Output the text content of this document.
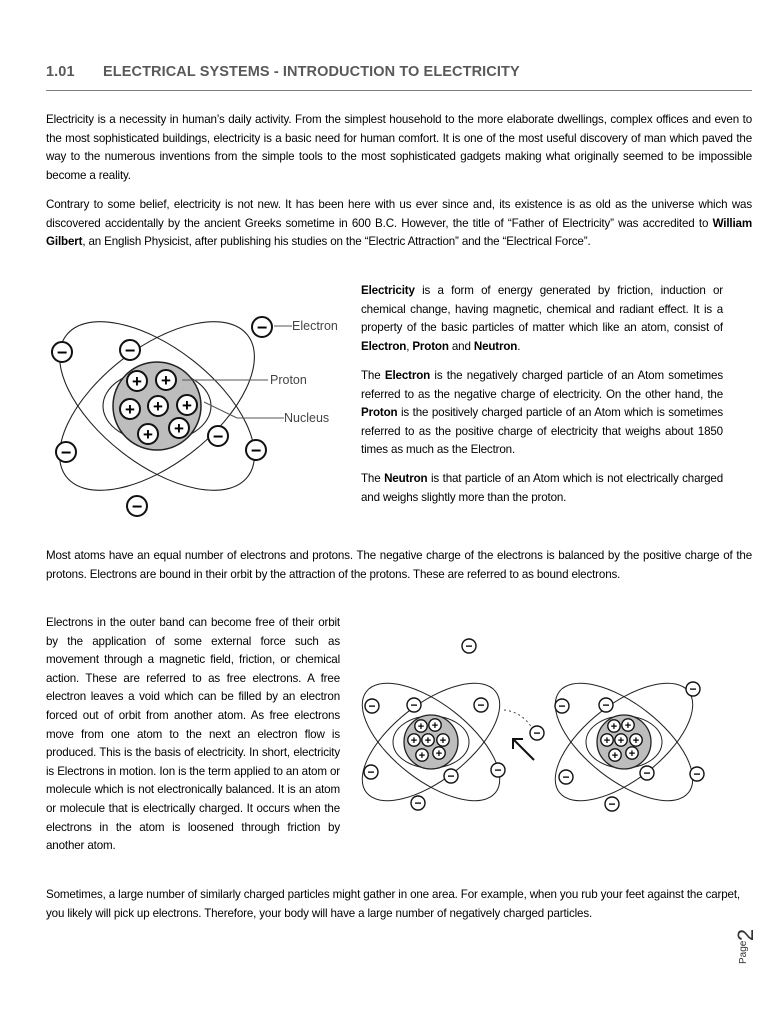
1.01 ELECTRICAL SYSTEMS - INTRODUCTION TO ELECTRICITY
Electricity is a necessity in human’s daily activity. From the simplest household to the more elaborate dwellings, complex offices and even to the most sophisticated buildings, electricity is a basic need for human comfort. It is one of the most useful discovery of man which paved the way to the numerous inventions from the simple tools to the most sophisticated gadgets making what originally seemed to be impossible become a reality.
Contrary to some belief, electricity is not new. It has been here with us ever since and, its existence is as old as the universe which was discovered accidentally by the ancient Greeks sometime in 600 B.C. However, the title of “Father of Electricity” was accredited to William Gilbert, an English Physicist, after publishing his studies on the “Electric Attraction” and the “Electrical Force”.
+ +
+ + +
+ +
Electron
Proton
Nucleus
−
−	−
−
−	−
−
Electricity is a form of energy generated by friction, induction or chemical change, having magnetic, chemical and radiant effect. It is a property of the basic particles of matter which like an atom, consist of Electron, Proton and Neutron.
The Electron is the negatively charged particle of an Atom sometimes referred to as the negative charge of electricity. On the other hand, the Proton is the positively charged particle of an Atom which is sometimes referred to as the positive charge of electricity that weighs about 1850 times as much as the Electron.
The Neutron is that particle of an Atom which is not electrically charged and weighs slightly more than the proton.
Most atoms have an equal number of electrons and protons. The negative charge of the electrons is balanced by the positive charge of the protons. Electrons are bound in their orbit by the attraction of the protons. These are referred to as bound electrons.
Electrons in the outer band can become free of their orbit by the application of some external force such as movement through a magnetic field, friction, or chemical action. These are referred to as free electrons. A free electron leaves a void which can be filled by an electron forced out of orbit from another atom. As free electrons move from one atom to the next an electron flow is produced. This is the basis of electricity. In short, electricity is Electrons in motion. Ion is the term applied to an atom or molecule which is not electronically balanced. It is an atom or molecule that is electrically charged. It occurs when the electrons in the atom is loosened through friction by another atom.
+ +
+ + +
+ +
+ +
+ + +
+ +
−
−	−	−
−	−	−
−
−
−	−
−	−	−
−
−
Sometimes, a large number of similarly charged particles might gather in one area. For example, when you rub your feet against the carpet, you likely will pick up electrons. Therefore, your body will have a large number of negatively charged particles.
Page
2
